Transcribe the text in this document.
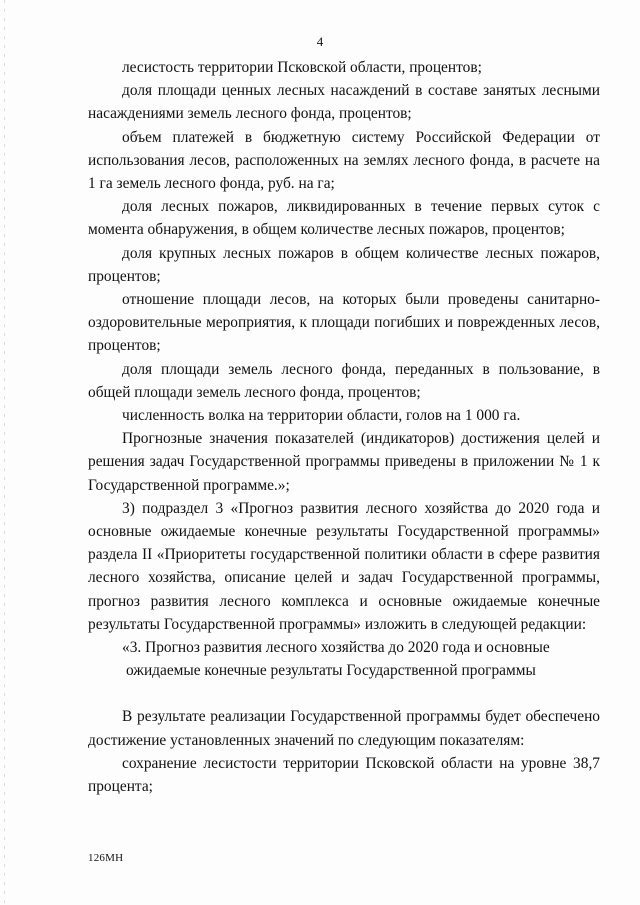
4

лесистость территории Псковской области, процентов;

доля площади ценных лесных насаждений в составе занятых лесными насаждениями земель лесного фонда, процентов;

объем платежей в бюджетную систему Российской Федерации от использования лесов, расположенных на землях лесного фонда, в расчете на 1 га земель лесного фонда, руб. на га;

доля лесных пожаров, ликвидированных в течение первых суток с момента обнаружения, в общем количестве лесных пожаров, процентов;

доля крупных лесных пожаров в общем количестве лесных пожаров, процентов;

отношение площади лесов, на которых были проведены санитарно-оздоровительные мероприятия, к площади погибших и поврежденных лесов, процентов;

доля площади земель лесного фонда, переданных в пользование, в общей площади земель лесного фонда, процентов;

численность волка на территории области, голов на 1 000 га.

Прогнозные значения показателей (индикаторов) достижения целей и решения задач Государственной программы приведены в приложении № 1 к Государственной программе.»;

3) подраздел 3 «Прогноз развития лесного хозяйства до 2020 года и основные ожидаемые конечные результаты Государственной программы» раздела II «Приоритеты государственной политики области в сфере развития лесного хозяйства, описание целей и задач Государственной программы, прогноз развития лесного комплекса и основные ожидаемые конечные результаты Государственной программы» изложить в следующей редакции:

«3. Прогноз развития лесного хозяйства до 2020 года и основные
ожидаемые конечные результаты Государственной программы

В результате реализации Государственной программы будет обеспечено достижение установленных значений по следующим показателям:

сохранение лесистости территории Псковской области на уровне 38,7 процента;

126МН
